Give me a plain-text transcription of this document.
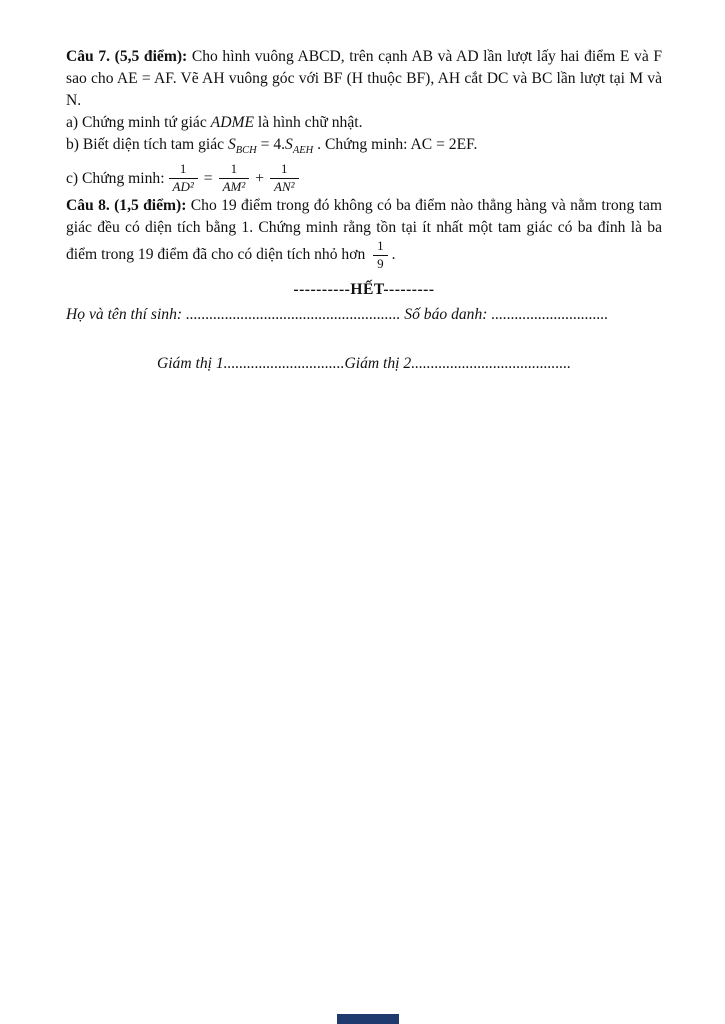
Câu 7. (5,5 điểm): Cho hình vuông ABCD, trên cạnh AB và AD lần lượt lấy hai điểm E và F sao cho AE = AF. Vẽ AH vuông góc với BF (H thuộc BF), AH cắt DC và BC lần lượt tại M và N.

a) Chứng minh tứ giác ADME là hình chữ nhật.

b) Biết diện tích tam giác $S_{BCH} = 4.S_{AEH}$ . Chứng minh: AC = 2EF.

c) Chứng minh: $\frac{1}{\text{AD²}} = \frac{1}{\text{AM²}} + \frac{1}{\text{AN²}}$

Câu 8. (1,5 điểm): Cho 19 điểm trong đó không có ba điểm nào thẳng hàng và nằm trong tam giác đều có diện tích bằng 1. Chứng minh rằng tồn tại ít nhất một tam giác có ba đỉnh là ba điểm trong 19 điểm đã cho có diện tích nhỏ hơn $\frac{1}{9}$ .

----------HẾT---------

Họ và tên thí sinh: ....................................................... Số báo danh: ..............................

Giám thị 1...............................Giám thị 2.........................................
